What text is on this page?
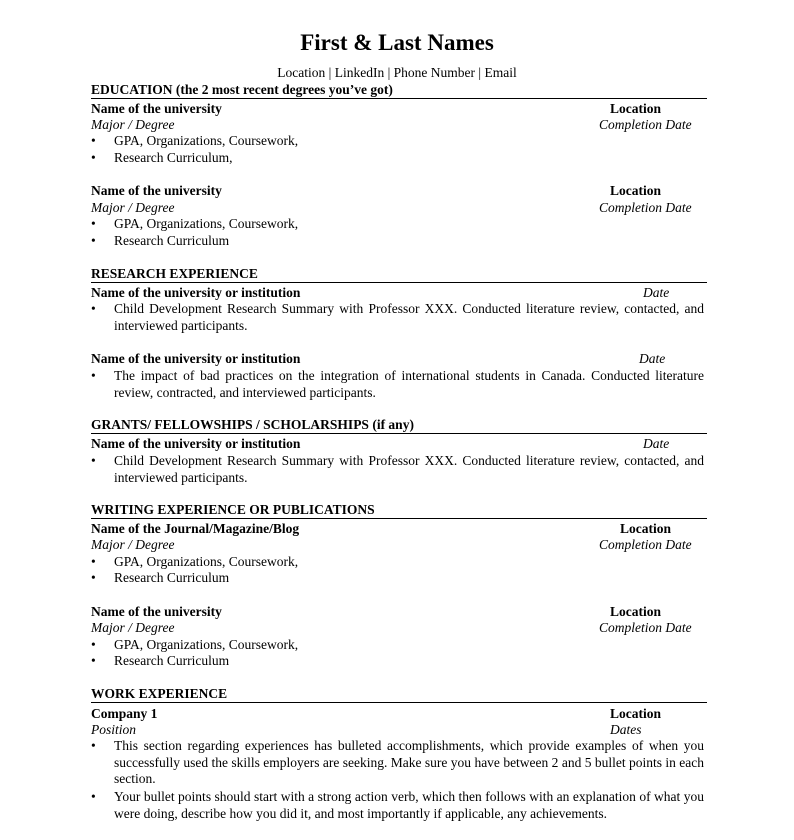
First & Last Names
Location | LinkedIn | Phone Number | Email
EDUCATION (the 2 most recent degrees you’ve got)
Name of the university	Location
Major / Degree	Completion Date
• GPA, Organizations, Coursework,
• Research Curriculum,
Name of the university	Location
Major / Degree	Completion Date
• GPA, Organizations, Coursework,
• Research Curriculum
RESEARCH EXPERIENCE
Name of the university or institution	Date
• Child Development Research Summary with Professor XXX. Conducted literature review, contacted, and interviewed participants.
Name of the university or institution	Date
• The impact of bad practices on the integration of international students in Canada. Conducted literature review, contracted, and interviewed participants.
GRANTS/ FELLOWSHIPS / SCHOLARSHIPS (if any)
Name of the university or institution	Date
• Child Development Research Summary with Professor XXX. Conducted literature review, contacted, and interviewed participants.
WRITING EXPERIENCE OR PUBLICATIONS
Name of the Journal/Magazine/Blog	Location
Major / Degree	Completion Date
• GPA, Organizations, Coursework,
• Research Curriculum
Name of the university	Location
Major / Degree	Completion Date
• GPA, Organizations, Coursework,
• Research Curriculum
WORK EXPERIENCE
Company 1	Location
Position	Dates
• This section regarding experiences has bulleted accomplishments, which provide examples of when you successfully used the skills employers are seeking. Make sure you have between 2 and 5 bullet points in each section.
• Your bullet points should start with a strong action verb, which then follows with an explanation of what you were doing, describe how you did it, and most importantly if applicable, any achievements.
